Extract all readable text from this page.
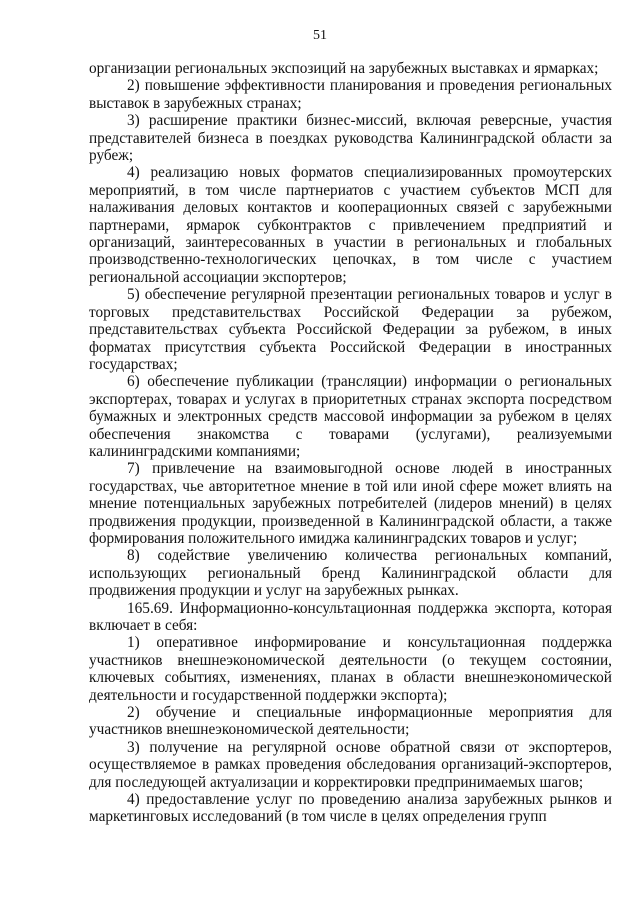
51

организации региональных экспозиций на зарубежных выставках и ярмарках;

2) повышение эффективности планирования и проведения региональных выставок в зарубежных странах;

3) расширение практики бизнес-миссий, включая реверсные, участия представителей бизнеса в поездках руководства Калининградской области за рубеж;

4) реализацию новых форматов специализированных промоутерских мероприятий, в том числе партнериатов с участием субъектов МСП для налаживания деловых контактов и кооперационных связей с зарубежными партнерами, ярмарок субконтрактов с привлечением предприятий и организаций, заинтересованных в участии в региональных и глобальных производственно-технологических цепочках, в том числе с участием региональной ассоциации экспортеров;

5) обеспечение регулярной презентации региональных товаров и услуг в торговых представительствах Российской Федерации за рубежом, представительствах субъекта Российской Федерации за рубежом, в иных форматах присутствия субъекта Российской Федерации в иностранных государствах;

6) обеспечение публикации (трансляции) информации о региональных экспортерах, товарах и услугах в приоритетных странах экспорта посредством бумажных и электронных средств массовой информации за рубежом в целях обеспечения знакомства с товарами (услугами), реализуемыми калининградскими компаниями;

7) привлечение на взаимовыгодной основе людей в иностранных государствах, чье авторитетное мнение в той или иной сфере может влиять на мнение потенциальных зарубежных потребителей (лидеров мнений) в целях продвижения продукции, произведенной в Калининградской области, а также формирования положительного имиджа калининградских товаров и услуг;

8) содействие увеличению количества региональных компаний, использующих региональный бренд Калининградской области для продвижения продукции и услуг на зарубежных рынках.

165.69. Информационно-консультационная поддержка экспорта, которая включает в себя:

1) оперативное информирование и консультационная поддержка участников внешнеэкономической деятельности (о текущем состоянии, ключевых событиях, изменениях, планах в области внешнеэкономической деятельности и государственной поддержки экспорта);

2) обучение и специальные информационные мероприятия для участников внешнеэкономической деятельности;

3) получение на регулярной основе обратной связи от экспортеров, осуществляемое в рамках проведения обследования организаций-экспортеров, для последующей актуализации и корректировки предпринимаемых шагов;

4) предоставление услуг по проведению анализа зарубежных рынков и маркетинговых исследований (в том числе в целях определения групп
